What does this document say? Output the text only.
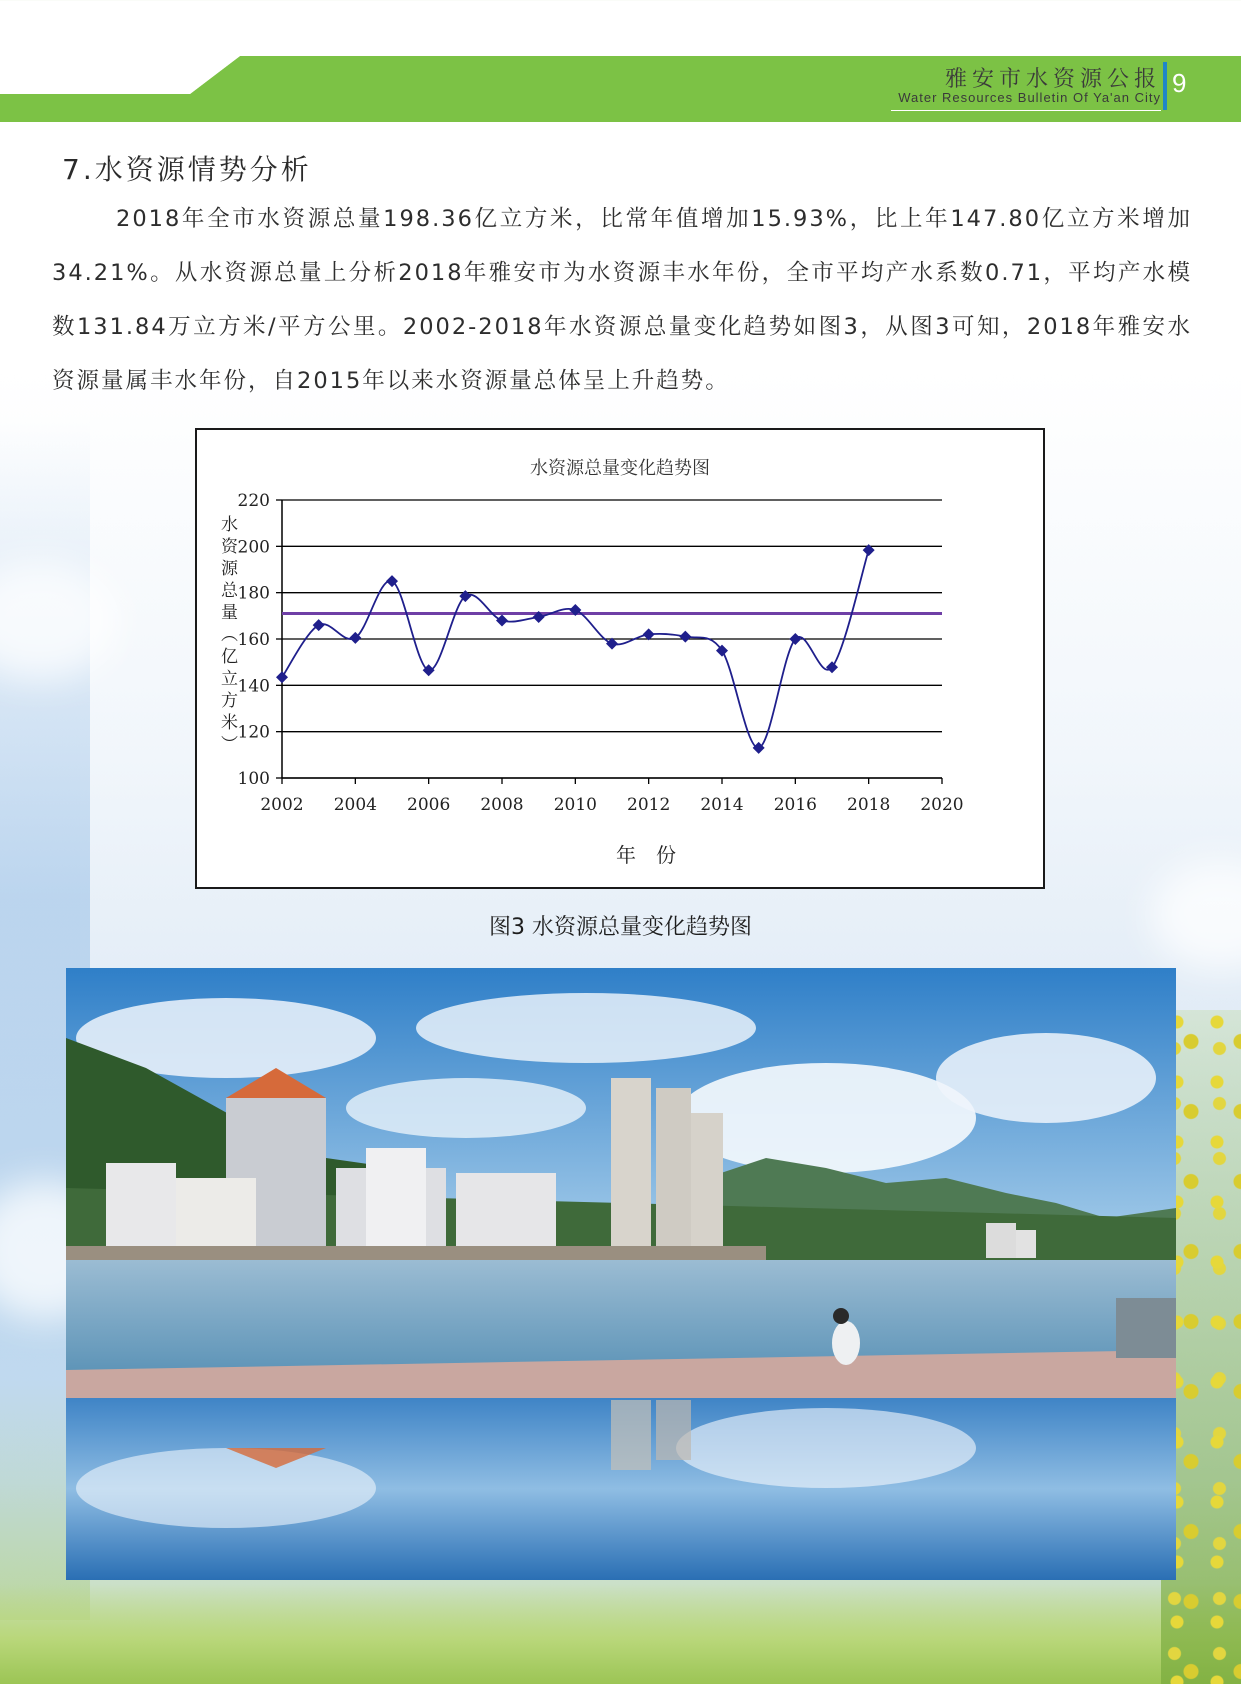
雅安市水资源公报
Water Resources Bulletin Of Ya'an City 9
7.水资源情势分析

2018年全市水资源总量198.36亿立方米，比常年值增加15.93%，比上年147.80亿立方米增加34.21%。从水资源总量上分析2018年雅安市为水资源丰水年份，全市平均产水系数0.71，平均产水模数131.84万立方米/平方公里。2002-2018年水资源总量变化趋势如图3，从图3可知，2018年雅安水资源量属丰水年份，自2015年以来水资源量总体呈上升趋势。

水资源总量变化趋势图
水资源总量︵亿立方米︶
年　份
100
120
140
160
180
200
220
2002 2004 2006 2008 2010 2012 2014 2016 2018 2020
图3 水资源总量变化趋势图
